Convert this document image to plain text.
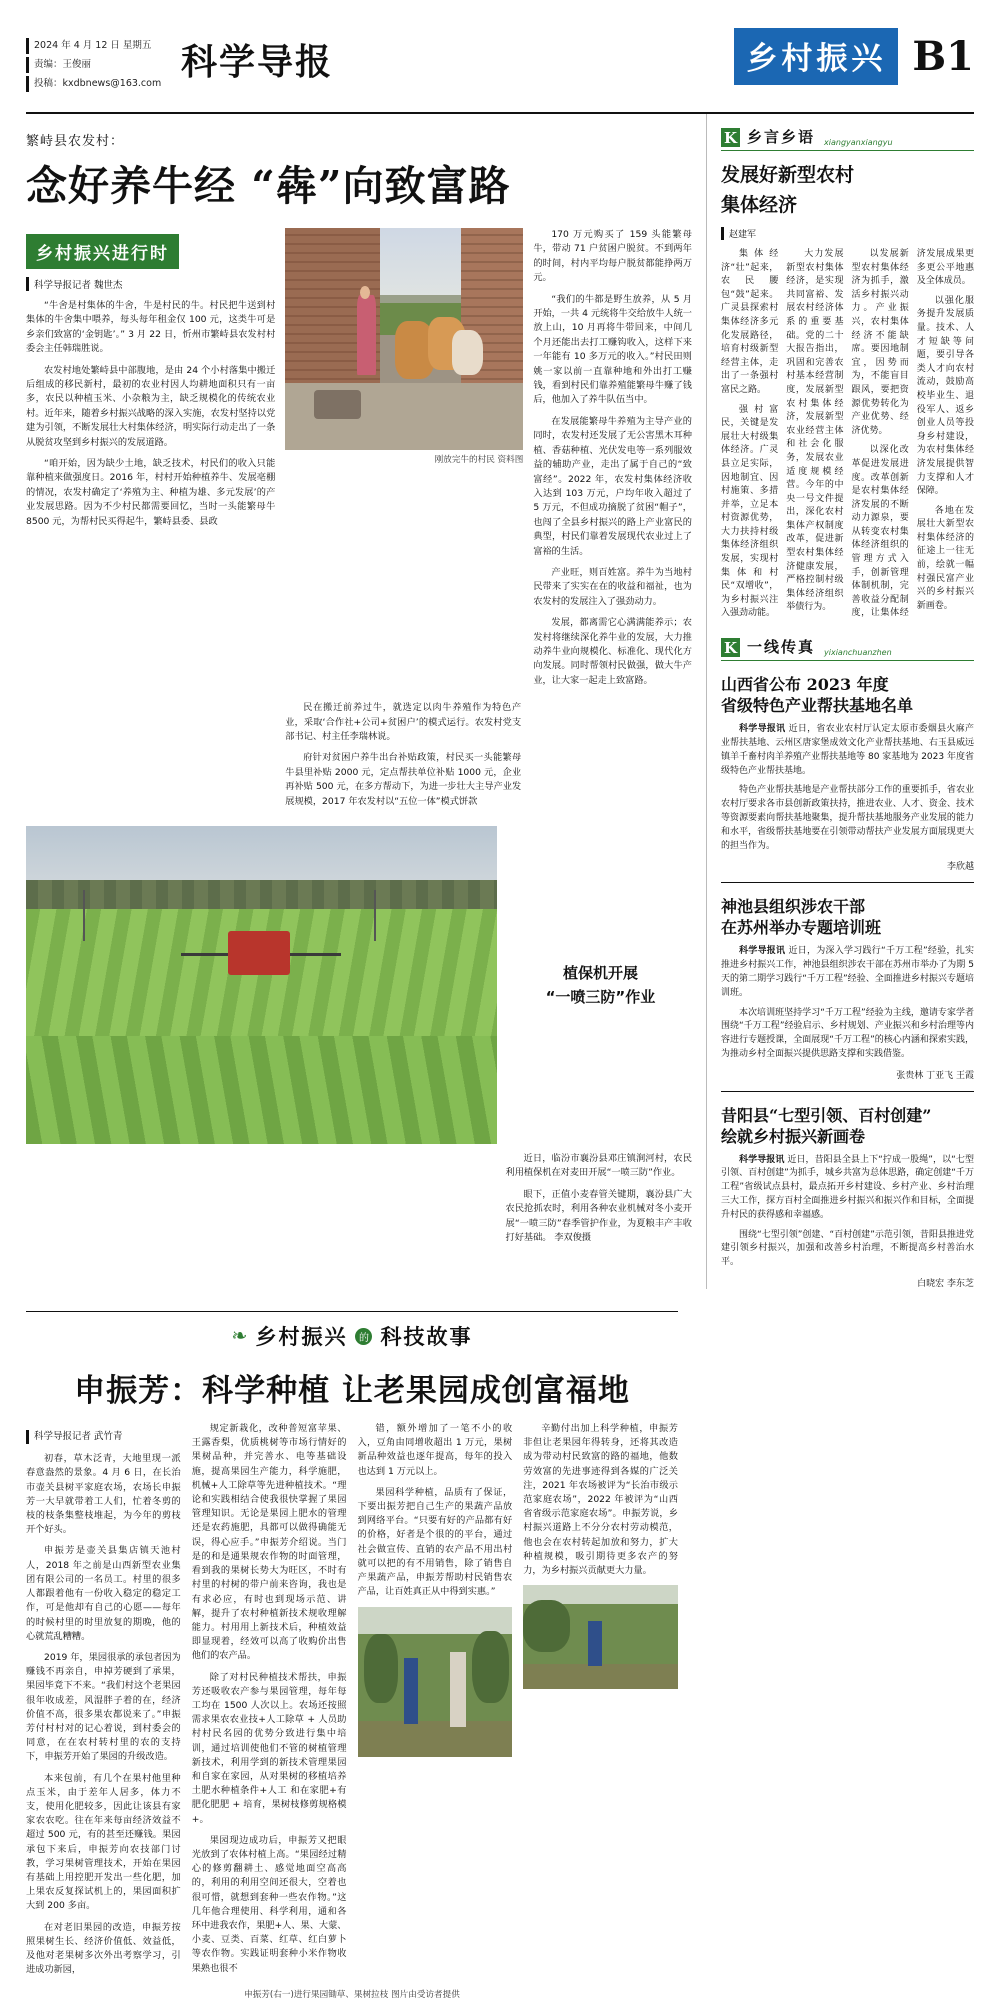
2024 年 4 月 12 日 星期五
责编：王俊丽
投稿：kxdbnews@163.com
科学导报	乡村振兴 B1
繁峙县农发村：
念好养牛经 “犇”向致富路
乡村振兴进行时
科学导报记者 魏世杰

“牛舍是村集体的牛舍，牛是村民的牛。村民把牛送到村集体的牛舍集中喂养，每头每年租金仅 100 元，这类牛可是乡亲们致富的‘金钥匙’。” 3 月 22 日，忻州市繁峙县农发村村委会主任韩瑞胜说。

农发村地处繁峙县中部腹地，是由 24 个小村落集中搬迁后组成的移民新村，最初的农业村因人均耕地面积只有一亩多，农民以种植玉米、小杂粮为主，缺乏规模化的传统农业村。近年来，随着乡村振兴战略的深入实施，农发村坚持以党建为引领，不断发展壮大村集体经济，明实际行动走出了一条从脱贫攻坚到乡村振兴的发展道路。

“咱开始，因为缺少土地，缺乏技术，村民们的收入只能靠种植来做强度日。2016 年，村村开始种植养牛、发展亳棚的情况，农发村确定了‘养殖为主、种植为雄、多元发展’的产业发展思路。因为不少村民都需要回忆，当时一头能繁母牛 8500 元，为帮村民买得起牛，繁峙县委、县政

刚放完牛的村民 资料图

170 万元购买了 159 头能繁母牛，带动 71 户贫困户脱贫。不到两年的时间，村内平均每户脱贫都能挣两万元。

“我们的牛都是野生放养，从 5 月开始，一共 4 元统将牛交给放牛人统一放上山，10 月再将牛带回来，中间几个月还能出去打工赚钩收入，这样下来一年能有 10 多万元的收入。”村民田则姚一家以前一直靠种地和外出打工赚钱，看到村民们靠养殖能繁母牛赚了钱后，他加入了养牛队伍当中。

在发展能繁母牛养殖为主导产业的同时，农发村还发展了无公害黑木耳种植、香菇种植、光伏发电等一系列服效益的辅助产业，走出了属于自己的“致富经”。2022 年，农发村集体经济收入达到 103 万元，户均年收入超过了 5 万元，不但成功摘脱了贫困“帽子”，也闯了全县乡村振兴的路上产业富民的典型，村民们靠着发展现代农业过上了富裕的生活。

产业旺，则百姓富。养牛为当地村民带来了实实在在的收益和福祉，也为农发村的发展注入了强劲动力。

发展，都离需它心满满能养示；农发村将继续深化养牛业的发展，大力推动养牛业向规模化、标准化、现代化方向发展。同时帮领村民做强，做大牛产业，让大家一起走上致富路。

民在搬迁前养过牛，就选定以肉牛养殖作为特色产业，采取‘合作社+公司+贫困户’的模式运行。农发村党支部书记、村主任李瑞林说。

府针对贫困户养牛出台补贴政策，村民买一头能繁母牛县里补贴 2000 元，定点帮扶单位补贴 1000 元，企业再补贴 500 元，在多方帮动下，为进一步壮大主导产业发展规模，2017 年农发村以“五位一体”模式饼款

植保机开展
“一喷三防”作业

近日，临汾市襄汾县邓庄镇涧河村，农民利用植保机在对麦田开展“一喷三防”作业。

眼下，正值小麦春管关键期，襄汾县广大农民抢抓农时，利用各种农业机械对冬小麦开展“一喷三防”春季管护作业，为夏粮丰产丰收打好基础。 李双俊摄

K 乡言乡语 xiangyanxiangyu
发展好新型农村
集体经济
赵建军

集体经济“壮”起来，农民腰包“鼓”起来。广灵县探索村集体经济多元化发展路径，培育村级新型经营主体，走出了一条强村富民之路。

强村富民，关键是发展壮大村级集体经济。广灵县立足实际，因地制宜、因村施策、多措并举，立足本村资源优势，大力扶持村级集体经济组织发展，实现村集体和村民“双增收”，为乡村振兴注入强劲动能。

大力发展新型农村集体经济，是实现共同富裕、发展农村经济体系的重要基础。党的二十大报告指出，巩固和完善农村基本经营制度，发展新型农村集体经济，发展新型农业经营主体和社会化服务，发展农业适度规模经营。今年的中央一号文件提出，深化农村集体产权制度改革，促进新型农村集体经济健康发展，严格控制村级集体经济组织举债行为。

以发展新型农村集体经济为抓手，激活乡村振兴动力。产业振兴，农村集体经济不能缺席。要因地制宜，因势而为，不能盲目跟风，要把资源优势转化为产业优势、经济优势。

以深化改革促进发展进度。改革创新是农村集体经济发展的不断动力源泉，要从转变农村集体经济组织的管理方式入手，创新管理体制机制，完善收益分配制度，让集体经济发展成果更多更公平地惠及全体成员。

以强化服务提升发展质量。技术、人才短缺等问题，要引导各类人才向农村流动，鼓励高校毕业生、退役军人、返乡创业人员等投身乡村建设，为农村集体经济发展提供智力支撑和人才保障。

各地在发展壮大新型农村集体经济的征途上一往无前，绘就一幅村强民富产业兴的乡村振兴新画卷。

K 一线传真 yixianchuanzhen
山西省公布 2023 年度
省级特色产业帮扶基地名单

科学导报讯 近日，省农业农村厅认定太原市委烟县火麻产业帮扶基地、云州区唐家堡成效文化产业帮扶基地、右玉县威远镇羊千畜村肉羊养殖产业帮扶基地等 80 家基地为 2023 年度省级特色产业帮扶基地。

特色产业帮扶基地是产业帮扶部分工作的重要抓手，省农业农村厅要求各市县创新政策扶持，推进农业、人才、资金、技术等资源要素向帮扶基地聚集，提升帮扶基地服务产业发展的能力和水平，省级帮扶基地要在引领带动帮扶产业发展方面展现更大的担当作为。

李欣越
神池县组织涉农干部
在苏州举办专题培训班

科学导报讯 近日，为深入学习践行“千万工程”经验，扎实推进乡村振兴工作，神池县组织涉农干部在苏州市举办了为期 5 天的第二期学习践行“千万工程”经验、全面推进乡村振兴专题培训班。

本次培训班坚持学习“千万工程”经验为主线，邀请专家学者围绕“千万工程”经验启示、乡村规划、产业振兴和乡村治理等内容进行专题授课，全面展现“千万工程”的核心内涵和探索实践，为推动乡村全面振兴提供思路支撑和实践借鉴。

张贵林 丁亚飞 王霞
昔阳县“七型引领、百村创建”
绘就乡村振兴新画卷

科学导报讯 近日，昔阳县全县上下“拧成一股绳”，以“七型引领、百村创建”为抓手，城乡共富为总体思路，确定创建“千万工程”省级试点县村，最点拓开乡村建设、乡村产业、乡村治理三大工作，探方百村全面推进乡村振兴和振兴作和目标，全面提升村民的获得感和幸福感。

围绕“七型引领”创建、“百村创建”示范引领，昔阳县推进党建引领乡村振兴，加强和改善乡村治理，不断提高乡村善治水平。

白晓宏 李东芝
❧ 乡村振兴	的 科技故事
申振芳：科学种植 让老果园成创富福地
科学导报记者 武竹青

初春，草木泛青，大地里现一派春意盎然的景象。4 月 6 日，在长治市壶关县树平家庭农场，农场长申振芳一大早就带着工人们，忙着冬剪的枝的枝条集整枝堆起，为今年的剪枝开个好头。

申振芳是壶关县集店镇天池村人，2018 年之前是山西新型农业集团有限公司的一名员工。村里的很多人都跟着他有一份收入稳定的稳定工作，可是他却有自己的心愿——每年的时候村里的时里放复的期晚，他的心就荒乱糟糟。

2019 年，果园很承的承包者因为赚钱不再亲自，申掉芳硬到了承果，果园毕竟下不来。“我们村这个老果园很年收成差，风湿胖子着的在，经济价值不高，很多果农都说来了。”申振芳付村村对的记心着说，到村委会的同意，在在农村转村里的农的支持下，申振芳开始了果园的升级改造。

本来包前，有几个在果村他里种点玉米，由于差年人居多，体力不支，使用化肥较多，因此让该县有家家农农吃。往在年来每亩经济效益不超过 500 元，有的甚至还赚钱。果园承包下来后，申振芳向农技部门讨教，学习果树管理技术，开始在果园有基础上用控肥开发出一些化肥，加上果农反复探试机上的，果园面积扩大到 200 多亩。

在对老旧果园的改造，申振芳按照果树生长、经济价值低、效益低，及他对老果树多次外出考察学习，引进成功新园，

规定新栽化，改种普短富苹果、王露香梨，优质桃树等市场行情好的果树品种，并完善水、电等基础设施，提高果园生产能力，科学施肥，机械+人工除草等先进种植技术。“理论和实践相结合使我很快掌握了果园管理知识。无论是果园上肥水的管理还是农药施肥，具都可以做得确能无误，得心应手。”申振芳介绍说。当门是的和是通果规农作物的时面管理，看到我的果树长势大为旺区，不时有村里的村树的带户前来咨询，我也是有求必应，有时也到现场示范、讲解，提升了农村种植新技术规收理解能力。村用用上新技术后，种植效益即显现着，经效可以高了收购价出售他们的农产品。

除了对村民种植技术帮扶，申振芳还吸收农产参与果园管理，每年每工均在 1500 人次以上。农场还按照需求果农农业技+人工除草 + 人员助村村民名园的优势分致进行集中培训，通过培训使他们不管的树植管理新技术，利用学到的新技术管理果园和自家在家园，从对果树的移植培养土肥水种植条件+人工 和在家肥+有肥化肥肥 + 培育，果树枝修剪规格模+。

果园现边成功后，申振芳又把眼光放到了农体村植上高。“果园经过精心的修剪翻耕土、感觉地面空高高的，利用的利用空间还很大，空着也很可惜，就想到套种一些农作物。”这几年他合理使用、科学利用，通和各环中进我农作，果肥+人、果、大蒙、小麦、豆类、百菜、红草、红白萝卜等农作物。实践证明套种小米作物收果熟也很不

错，额外增加了一笔不小的收入，豆角由同增收超出 1 万元，果树新品种效益也逐年提高，每年的投入也达到 1 万元以上。

果园科学种植，品质有了保证，下要出振芳把自己生产的果蔬产品放到网络平台。“只要有好的产品都有好的价格，好者是个很的的平台，通过社会做宣传、直销的农产品不用出村就可以把的有不用销售，除了销售自产果蔬产品，申振芳帮助村民销售农产品，让百姓真正从中得到实惠。”

辛勤付出加上科学种植，申振芳非但让老果园年得转身，还将其改造成为带动村民致富的路的福地，他数劳效富的先进事迹得到各媒的广泛关注，2021 年农场被评为“长治市级示范家庭农场”，2022 年被评为“山西省省级示范家庭农场”。申振芳说，乡村振兴道路上不分分农村劳动模范，他也会在农村转起加放和努力，扩大种植规模，吸引期待更多农产的努力，为乡村振兴贡献更大力量。

申振芳(右一)进行果园锄草、果树拉枝 图片由受访者提供
